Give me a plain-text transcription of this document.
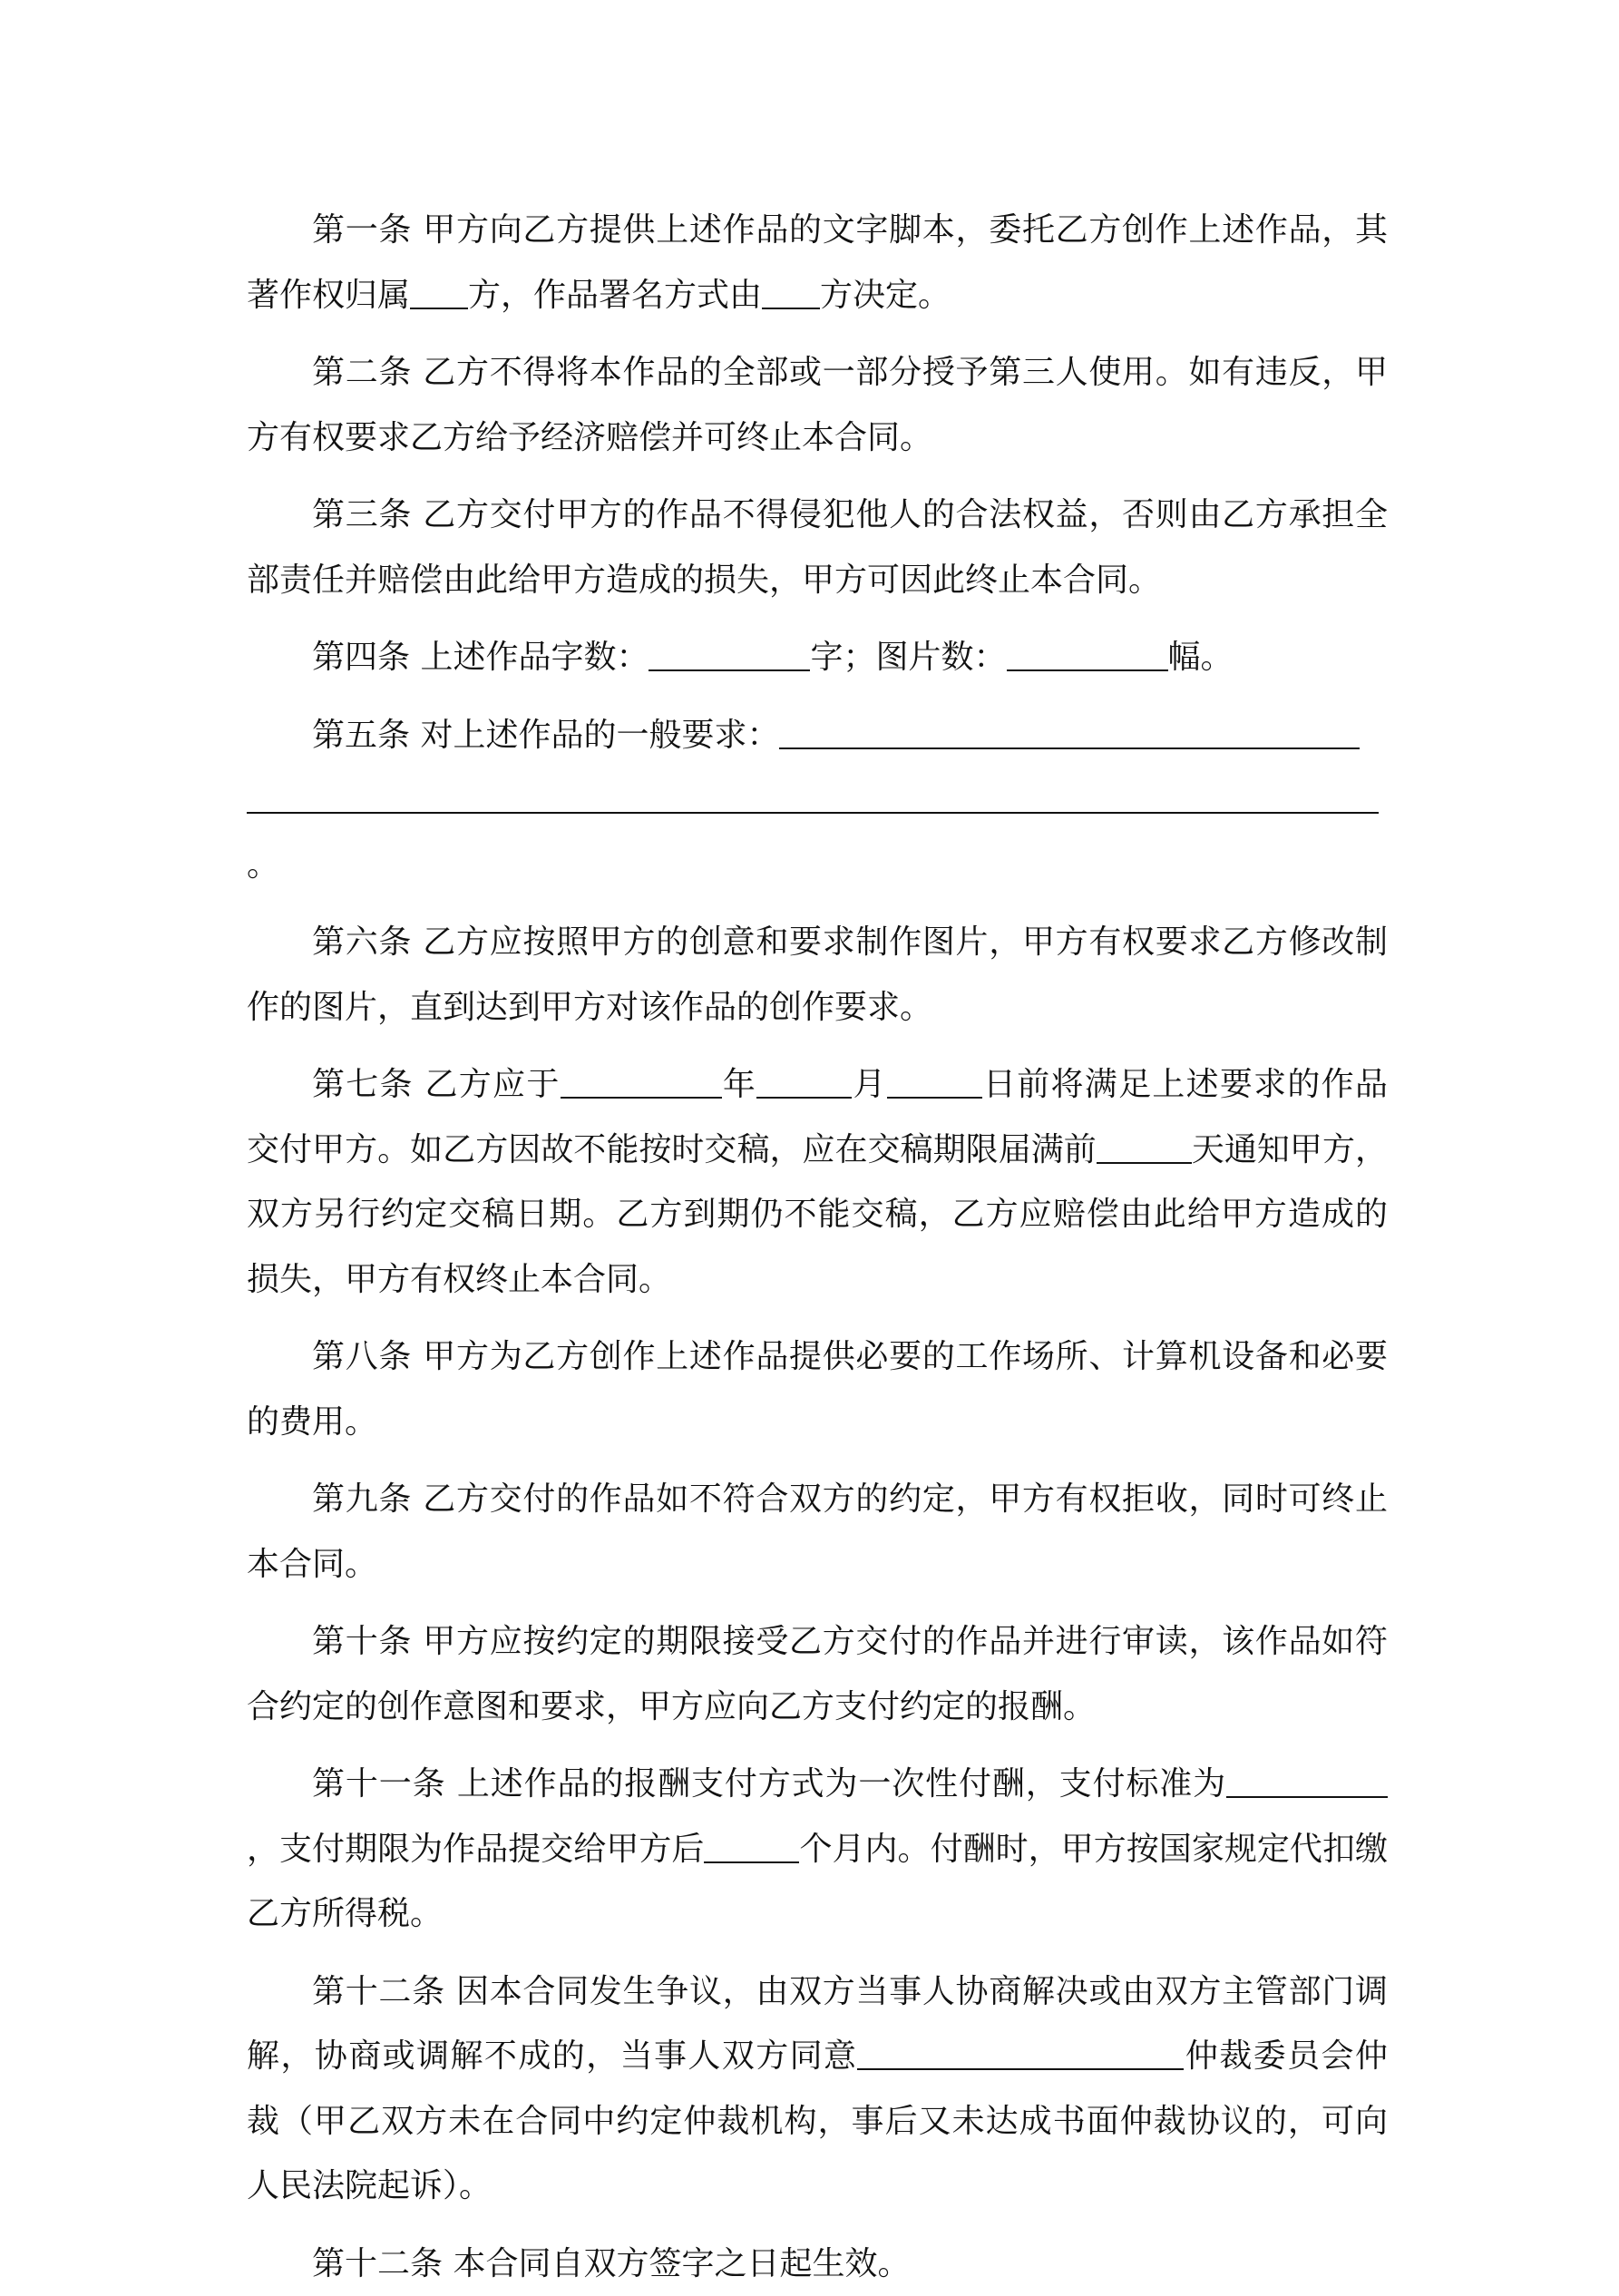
第一条 甲方向乙方提供上述作品的文字脚本，委托乙方创作上述作品，其著作权归属 方，作品署名方式由 方决定。

第二条 乙方不得将本作品的全部或一部分授予第三人使用。如有违反，甲方有权要求乙方给予经济赔偿并可终止本合同。

第三条 乙方交付甲方的作品不得侵犯他人的合法权益，否则由乙方承担全部责任并赔偿由此给甲方造成的损失，甲方可因此终止本合同。

第四条 上述作品字数：	字；图片数：	幅。

第五条 对上述作品的一般要求：

。

第六条 乙方应按照甲方的创意和要求制作图片，甲方有权要求乙方修改制作的图片，直到达到甲方对该作品的创作要求。

第七条 乙方应于	年	月	日前将满足上述要求的作品交付甲方。如乙方因故不能按时交稿，应在交稿期限届满前	天通知甲方，双方另行约定交稿日期。乙方到期仍不能交稿，乙方应赔偿由此给甲方造成的损失，甲方有权终止本合同。

第八条 甲方为乙方创作上述作品提供必要的工作场所、计算机设备和必要的费用。

第九条 乙方交付的作品如不符合双方的约定，甲方有权拒收，同时可终止本合同。

第十条 甲方应按约定的期限接受乙方交付的作品并进行审读，该作品如符合约定的创作意图和要求，甲方应向乙方支付约定的报酬。

第十一条 上述作品的报酬支付方式为一次性付酬，支付标准为，支付期限为作品提交给甲方后	个月内。付酬时，甲方按国家规定代扣缴乙方所得税。

第十二条 因本合同发生争议，由双方当事人协商解决或由双方主管部门调解，协商或调解不成的，当事人双方同意	仲裁委员会仲裁（甲乙双方未在合同中约定仲裁机构，事后又未达成书面仲裁协议的，可向人民法院起诉）。

第十二条 本合同自双方签字之日起生效。
